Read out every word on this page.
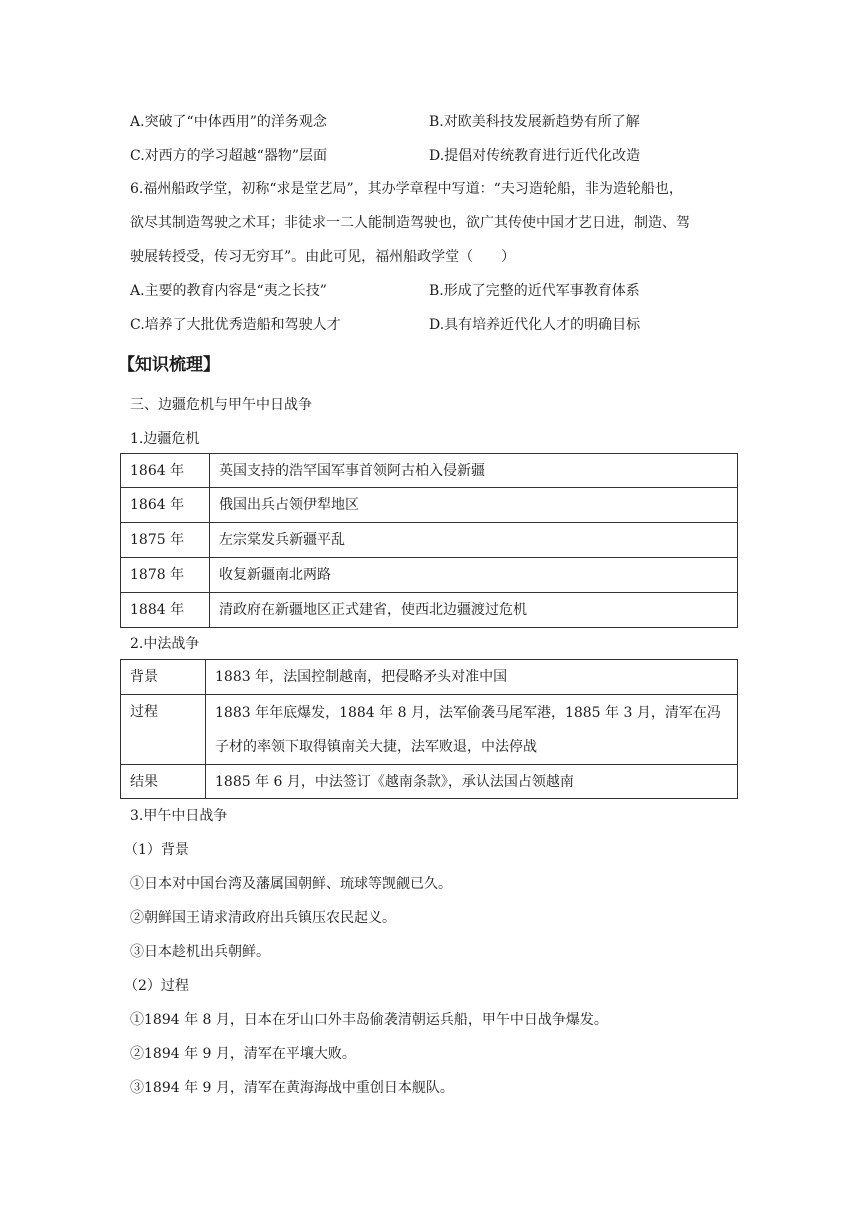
A.突破了“中体西用”的洋务观念	B.对欧美科技发展新趋势有所了解
C.对西方的学习超越“器物”层面	D.提倡对传统教育进行近代化改造
6.福州船政学堂，初称“求是堂艺局”，其办学章程中写道：“夫习造轮船，非为造轮船也，
欲尽其制造驾驶之术耳；非徒求一二人能制造驾驶也，欲广其传使中国才艺日进，制造、驾
驶展转授受，传习无穷耳”。由此可见，福州船政学堂（　　）
A.主要的教育内容是“夷之长技”	B.形成了完整的近代军事教育体系
C.培养了大批优秀造船和驾驶人才	D.具有培养近代化人才的明确目标
【知识梳理】
三、边疆危机与甲午中日战争
1.边疆危机
1864 年	英国支持的浩罕国军事首领阿古柏入侵新疆
1864 年	俄国出兵占领伊犁地区
1875 年	左宗棠发兵新疆平乱
1878 年	收复新疆南北两路
1884 年	清政府在新疆地区正式建省，使西北边疆渡过危机
2.中法战争
背景	1883 年，法国控制越南，把侵略矛头对准中国
过程	1883 年年底爆发，1884 年 8 月，法军偷袭马尾军港，1885 年 3 月，清军在冯
子材的率领下取得镇南关大捷，法军败退，中法停战

结果	1885 年 6 月，中法签订《越南条款》，承认法国占领越南
3.甲午中日战争
（1）背景
①日本对中国台湾及藩属国朝鲜、琉球等觊觎已久。
②朝鲜国王请求清政府出兵镇压农民起义。
③日本趁机出兵朝鲜。
（2）过程
①1894 年 8 月，日本在牙山口外丰岛偷袭清朝运兵船，甲午中日战争爆发。
②1894 年 9 月，清军在平壤大败。
③1894 年 9 月，清军在黄海海战中重创日本舰队。
